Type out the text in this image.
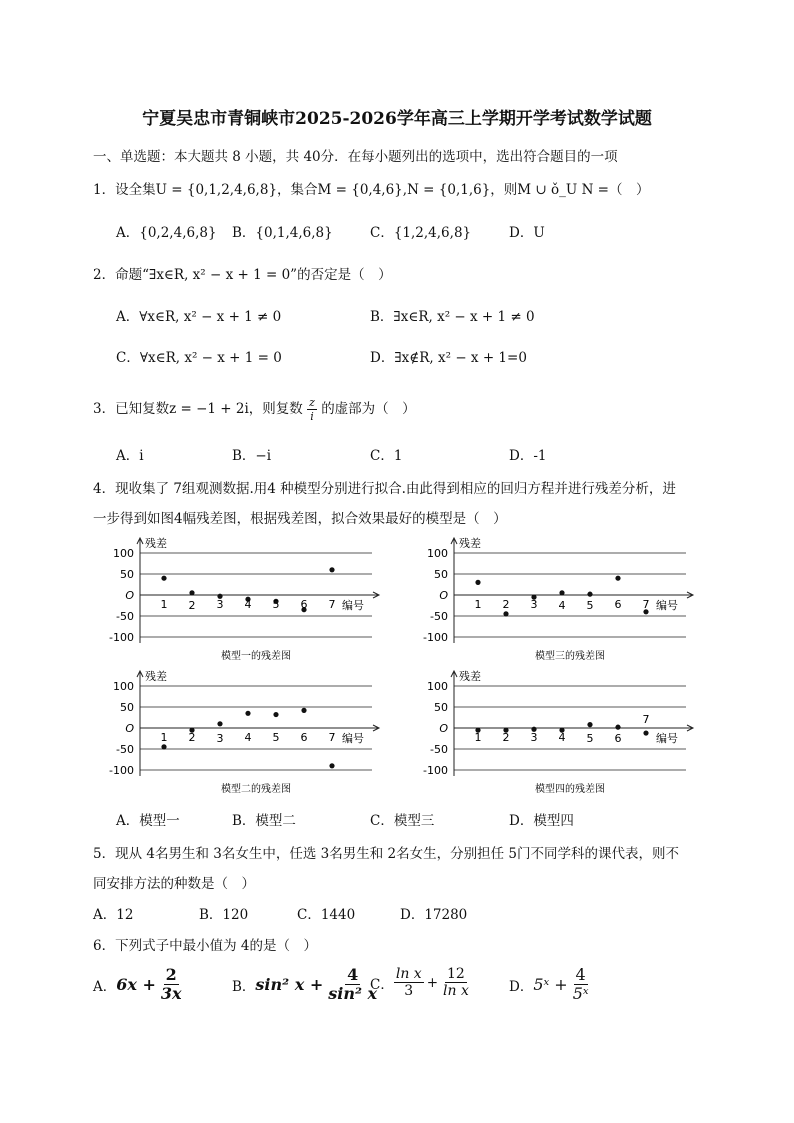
宁夏吴忠市青铜峡市2025-2026学年高三上学期开学考试数学试题
一、单选题：本大题共 8 小题，共 40分．在每小题列出的选项中，选出符合题目的一项
1．设全集U = {0,1,2,4,6,8}，集合M = {0,4,6},N = {0,1,6}，则M ∪ ǒ_U N =（　）
A．{0,2,4,6,8} B．{0,1,4,6,8}	C．{1,2,4,6,8}	D．U
2．命题“∃x∈R, x² − x + 1 = 0”的否定是（　）
A．∀x∈R, x² − x + 1 ≠ 0	B．∃x∈R, x² − x + 1 ≠ 0
C．∀x∈R, x² − x + 1 = 0	D．∃x∉R, x² − x + 1=0
3．已知复数z = −1 + 2i，则复数 $\frac{z}{i}$ 的虚部为（　）
A．i	B．−i	C．1	D．-1
4．现收集了 7组观测数据.用4 种模型分别进行拟合.由此得到相应的回归方程并进行残差分析，进
一步得到如图4幅残差图，根据残差图，拟合效果最好的模型是（　）
100
50
O
-50
-100
残差
编号
1 2 3 4 5 6 7
模型一的残差图
100
50
O
-50
-100
残差
编号
1 2 3 4 5 6 7
模型三的残差图
100
50
O
-50
-100
残差
编号
1 2 3 4 5 6 7
模型二的残差图
100
50
O
-50
-100
残差
编号
1 2 3 4 5 6
7
模型四的残差图
A．模型一	B．模型二	C．模型三	D．模型四
5．现从 4名男生和 3名女生中，任选 3名男生和 2名女生，分别担任 5门不同学科的课代表，则不
同安排方法的种数是（　）
A．12	B．120	C．1440	D．17280
6．下列式子中最小值为 4的是（　）
A． $6x + \frac{2}{3x}$	B． sin² $x + \frac{4}{\text{sin² x}}$
C． $\frac{\text{ln x}}{3} + \frac{12}{\text{ln x}}$	D． 5ˣ + $\frac{4}{\text{5ˣ}}$
